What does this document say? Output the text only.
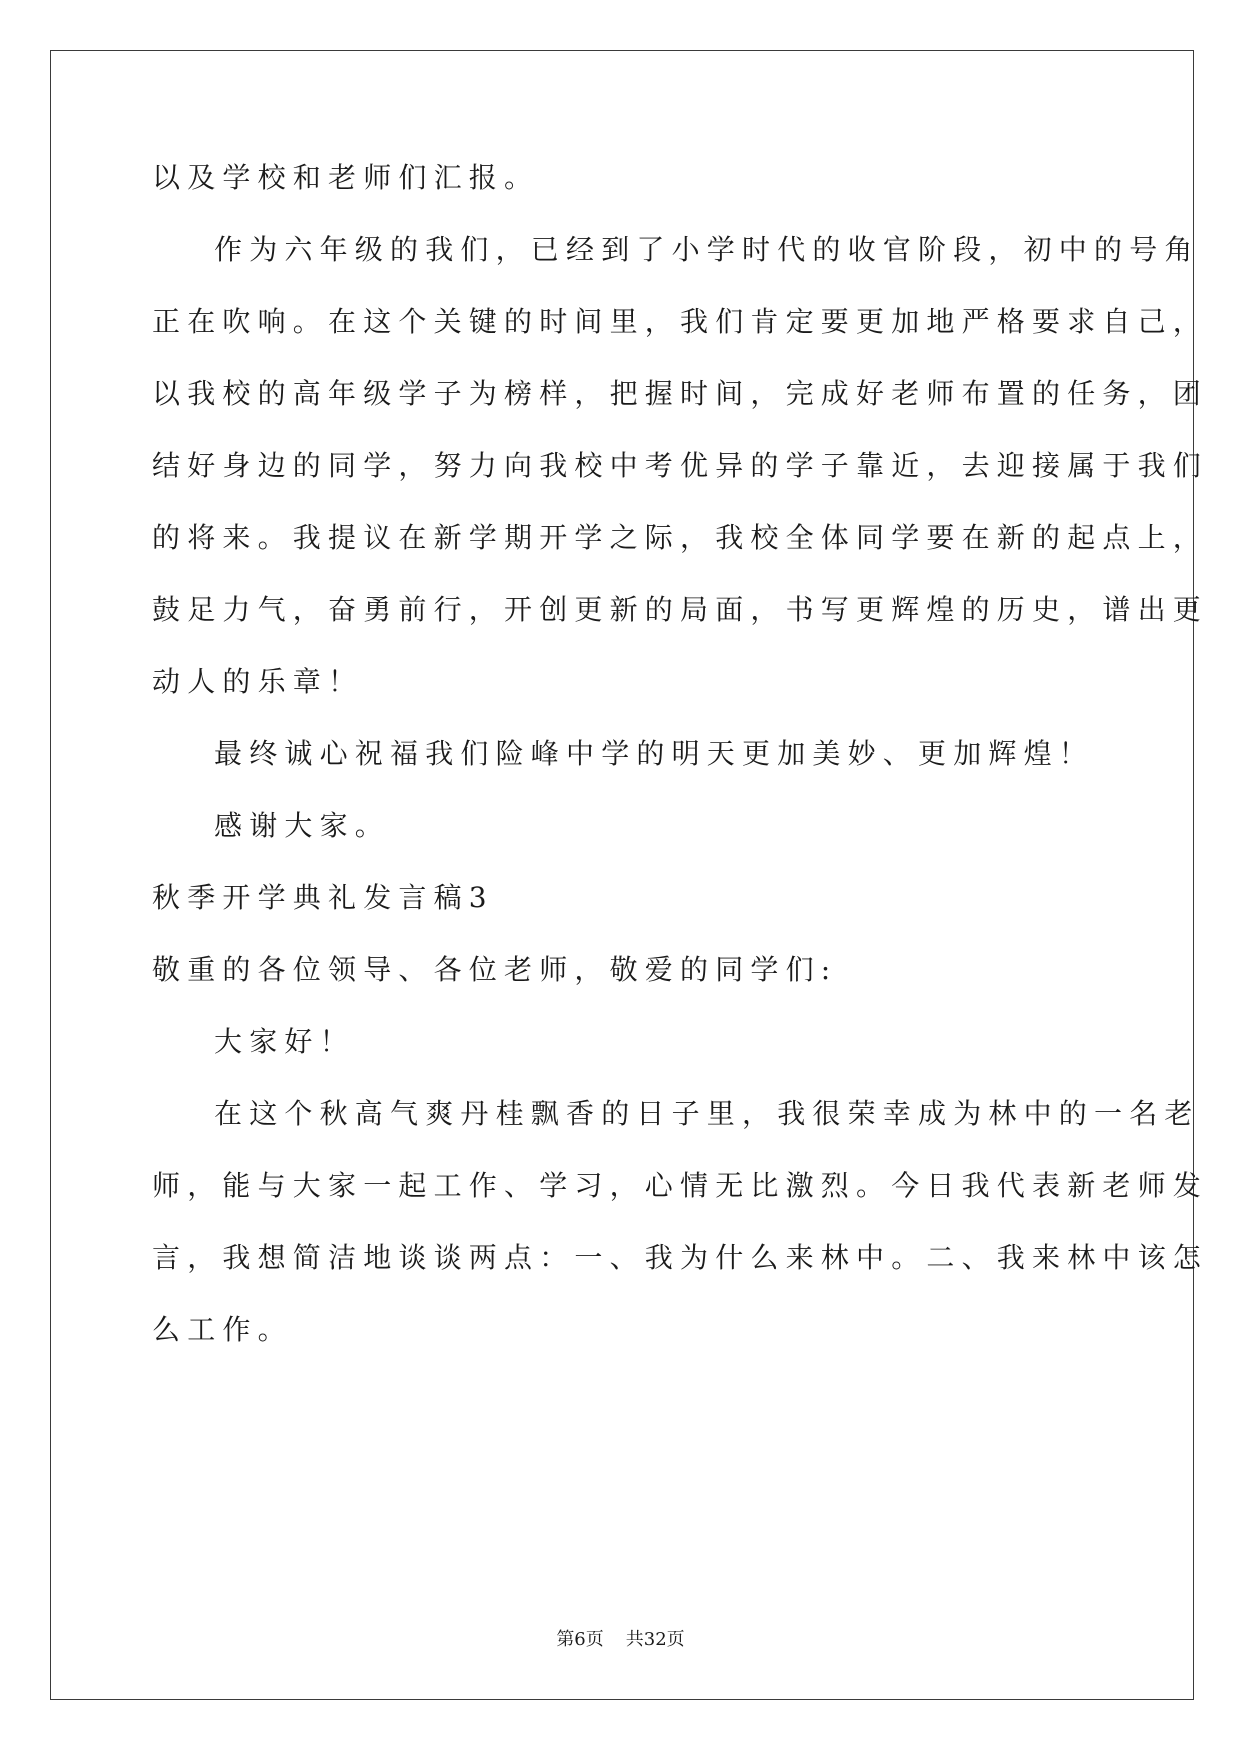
以及学校和老师们汇报。
作为六年级的我们，已经到了小学时代的收官阶段，初中的号角
正在吹响。在这个关键的时间里，我们肯定要更加地严格要求自己，
以我校的高年级学子为榜样，把握时间，完成好老师布置的任务，团
结好身边的同学，努力向我校中考优异的学子靠近，去迎接属于我们
的将来。我提议在新学期开学之际，我校全体同学要在新的起点上，
鼓足力气，奋勇前行，开创更新的局面，书写更辉煌的历史，谱出更
动人的乐章！
最终诚心祝福我们险峰中学的明天更加美妙、更加辉煌！
感谢大家。
秋季开学典礼发言稿3
敬重的各位领导、各位老师，敬爱的同学们:
大家好！
在这个秋高气爽丹桂飘香的日子里，我很荣幸成为林中的一名老
师，能与大家一起工作、学习，心情无比激烈。今日我代表新老师发
言，我想简洁地谈谈两点：一、我为什么来林中。二、我来林中该怎
么工作。
第6页 共32页
